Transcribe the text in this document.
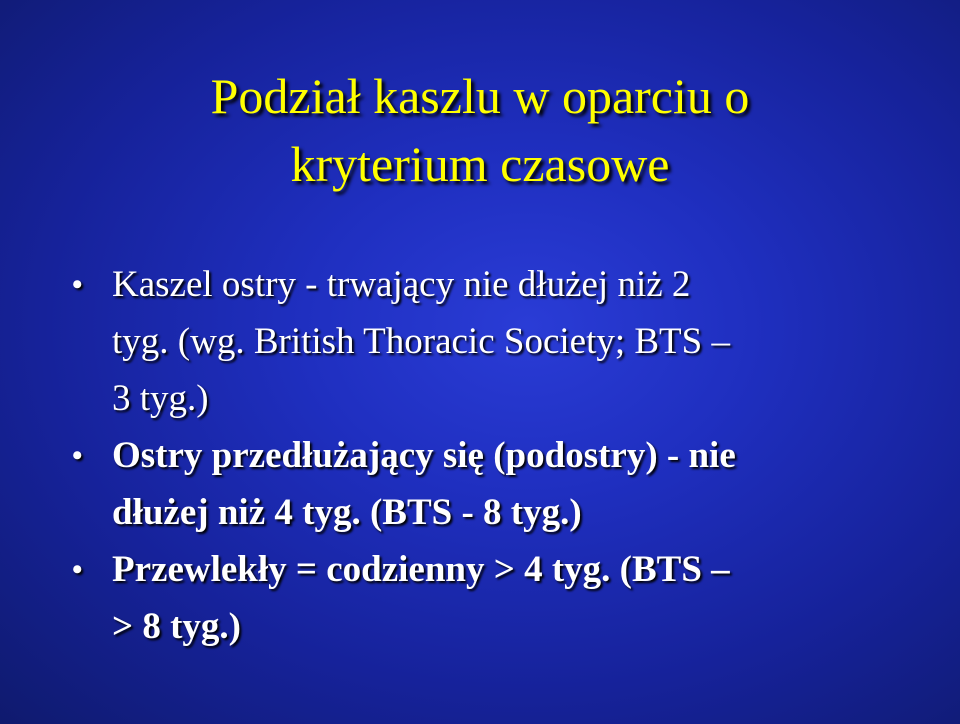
Podział kaszlu w oparciu o
kryterium czasowe
• Kaszel ostry - trwający nie dłużej niż 2
tyg. (wg. British Thoracic Society; BTS –
3 tyg.)
• Ostry przedłużający się (podostry) - nie
dłużej niż 4 tyg. (BTS - 8 tyg.)
• Przewlekły = codzienny > 4 tyg. (BTS –
> 8 tyg.)
